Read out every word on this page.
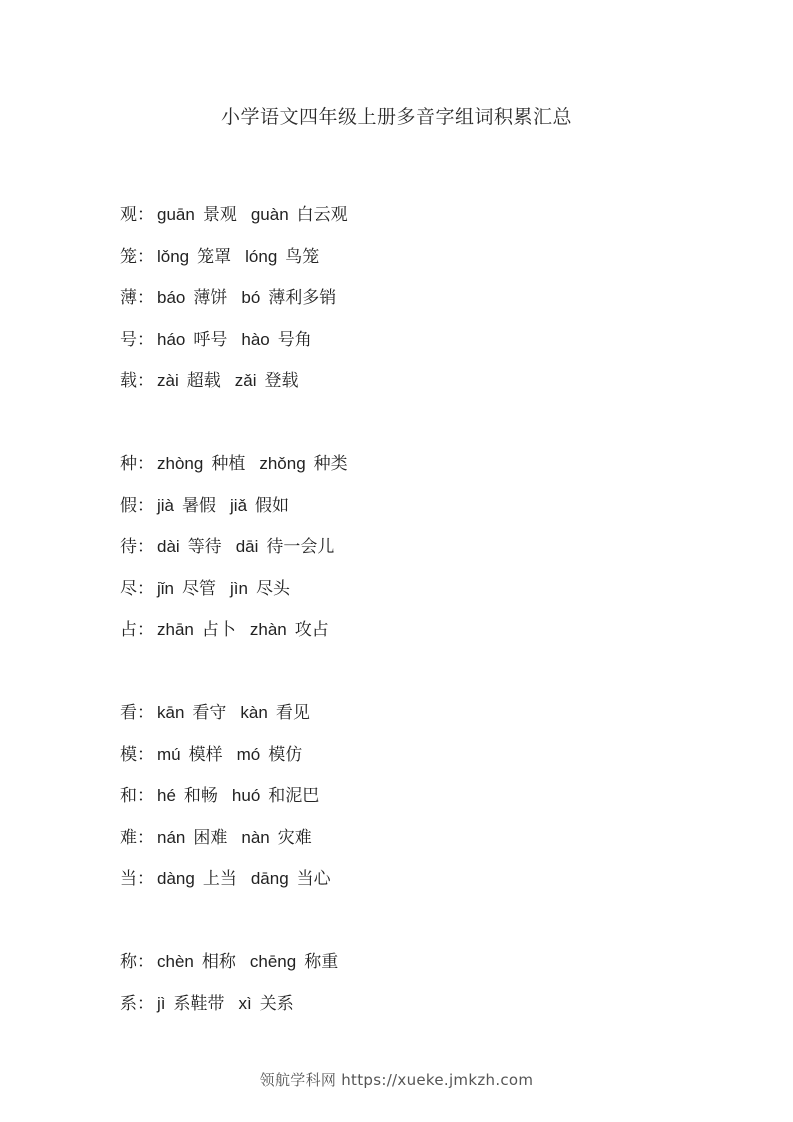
小学语文四年级上册多音字组词积累汇总
观： guān 景观 guàn 白云观
笼： lǒng 笼罩 lóng 鸟笼
薄： báo 薄饼 bó 薄利多销
号： háo 呼号 hào 号角
载： zài 超载 zǎi 登载
种： zhòng 种植 zhǒng 种类
假： jià 暑假 jiǎ 假如
待： dài 等待 dāi 待一会儿
尽： jǐn 尽管 jìn 尽头
占： zhān 占卜 zhàn 攻占
看： kān 看守 kàn 看见
模： mú 模样 mó 模仿
和： hé 和畅 huó 和泥巴
难： nán 困难 nàn 灾难
当： dàng 上当 dāng 当心
称： chèn 相称 chēng 称重
系： jì 系鞋带 xì 关系
领航学科网 https://xueke.jmkzh.com
